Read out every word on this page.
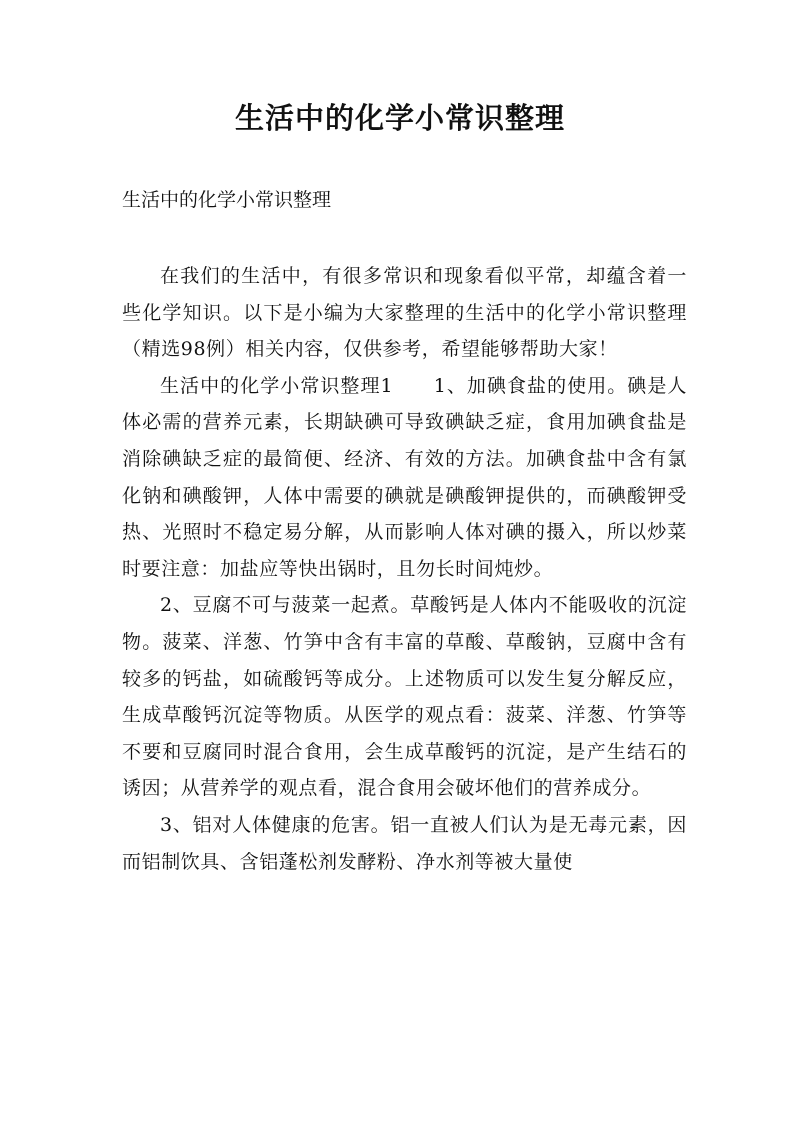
生活中的化学小常识整理

生活中的化学小常识整理

在我们的生活中，有很多常识和现象看似平常，却蕴含着一些化学知识。以下是小编为大家整理的生活中的化学小常识整理（精选98例）相关内容，仅供参考，希望能够帮助大家！

生活中的化学小常识整理1　　1、加碘食盐的使用。碘是人体必需的营养元素，长期缺碘可导致碘缺乏症，食用加碘食盐是消除碘缺乏症的最简便、经济、有效的方法。加碘食盐中含有氯化钠和碘酸钾，人体中需要的碘就是碘酸钾提供的，而碘酸钾受热、光照时不稳定易分解，从而影响人体对碘的摄入，所以炒菜时要注意：加盐应等快出锅时，且勿长时间炖炒。

2、豆腐不可与菠菜一起煮。草酸钙是人体内不能吸收的沉淀物。菠菜、洋葱、竹笋中含有丰富的草酸、草酸钠，豆腐中含有较多的钙盐，如硫酸钙等成分。上述物质可以发生复分解反应，生成草酸钙沉淀等物质。从医学的观点看：菠菜、洋葱、竹笋等不要和豆腐同时混合食用，会生成草酸钙的沉淀，是产生结石的诱因；从营养学的观点看，混合食用会破坏他们的营养成分。

3、铝对人体健康的危害。铝一直被人们认为是无毒元素，因而铝制饮具、含铝蓬松剂发酵粉、净水剂等被大量使
